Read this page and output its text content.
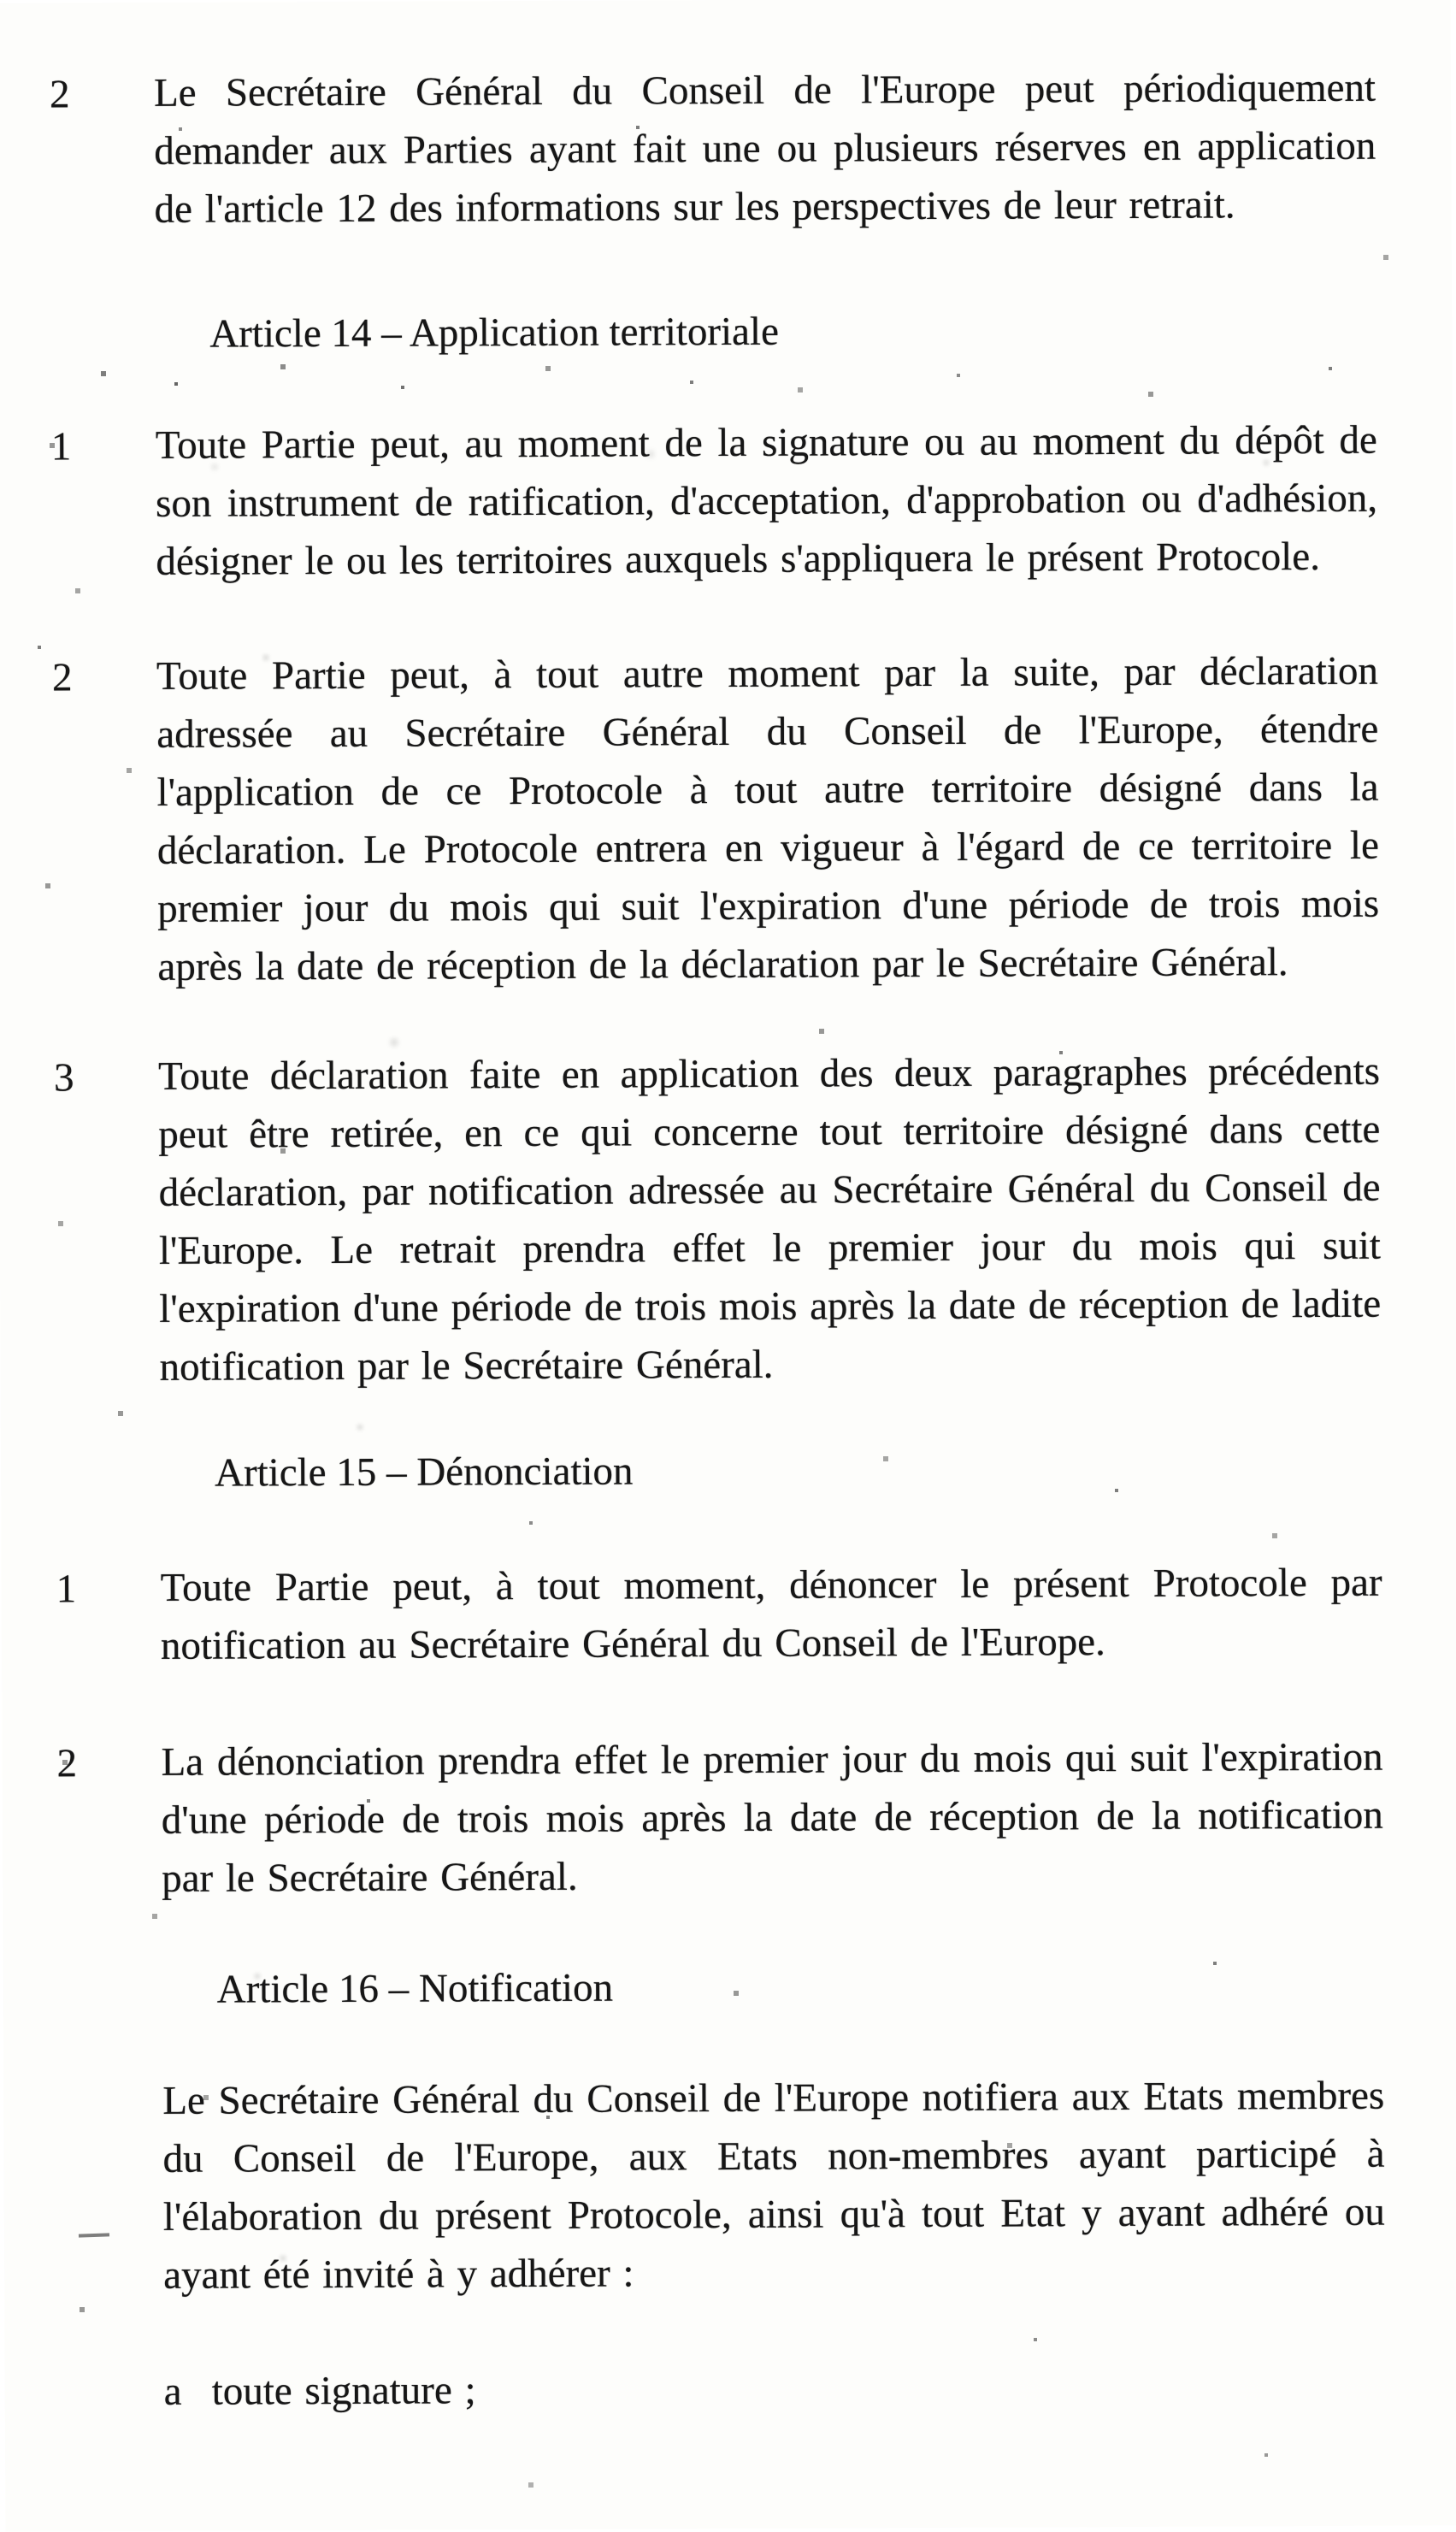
2 Le Secrétaire Général du Conseil de l'Europe peut périodiquement demander aux Parties ayant fait une ou plusieurs réserves en application de l'article 12 des informations sur les perspectives de leur retrait.

Article 14 – Application territoriale
1 Toute Partie peut, au moment de la signature ou au moment du dépôt de son instrument de ratification, d'acceptation, d'approbation ou d'adhésion, désigner le ou les territoires auxquels s'appliquera le présent Protocole.

2 Toute Partie peut, à tout autre moment par la suite, par déclaration adressée au Secrétaire Général du Conseil de l'Europe, étendre l'application de ce Protocole à tout autre territoire désigné dans la déclaration. Le Protocole entrera en vigueur à l'égard de ce territoire le premier jour du mois qui suit l'expiration d'une période de trois mois après la date de réception de la déclaration par le Secrétaire Général.

3 Toute déclaration faite en application des deux paragraphes précédents peut être retirée, en ce qui concerne tout territoire désigné dans cette déclaration, par notification adressée au Secrétaire Général du Conseil de l'Europe. Le retrait prendra effet le premier jour du mois qui suit l'expiration d'une période de trois mois après la date de réception de ladite notification par le Secrétaire Général.

Article 15 – Dénonciation
1 Toute Partie peut, à tout moment, dénoncer le présent Protocole par notification au Secrétaire Général du Conseil de l'Europe.

2 La dénonciation prendra effet le premier jour du mois qui suit l'expiration d'une période de trois mois après la date de réception de la notification par le Secrétaire Général.

Article 16 – Notification

Le Secrétaire Général du Conseil de l'Europe notifiera aux Etats membres du Conseil de l'Europe, aux Etats non-membres ayant participé à l'élaboration du présent Protocole, ainsi qu'à tout Etat y ayant adhéré ou ayant été invité à y adhérer :

a toute signature ;
